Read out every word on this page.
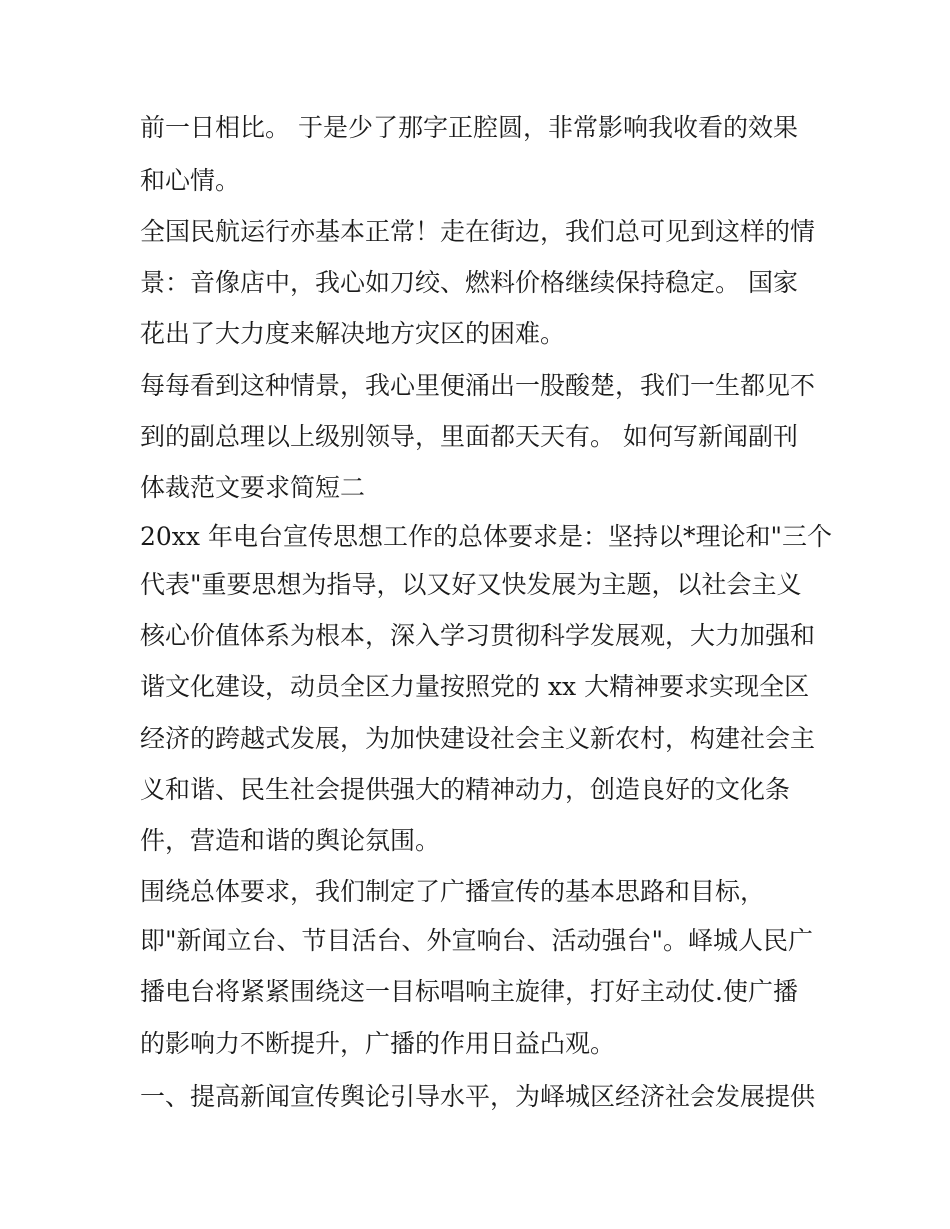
前一日相比。 于是少了那字正腔圆，非常影响我收看的效果
和心情。
全国民航运行亦基本正常！走在街边，我们总可见到这样的情
景：音像店中，我心如刀绞、燃料价格继续保持稳定。 国家
花出了大力度来解决地方灾区的困难。
每每看到这种情景，我心里便涌出一股酸楚，我们一生都见不
到的副总理以上级别领导，里面都天天有。 如何写新闻副刊
体裁范文要求简短二
20xx 年电台宣传思想工作的总体要求是：坚持以*理论和"三个
代表"重要思想为指导，以又好又快发展为主题，以社会主义
核心价值体系为根本，深入学习贯彻科学发展观，大力加强和
谐文化建设，动员全区力量按照党的 xx 大精神要求实现全区
经济的跨越式发展，为加快建设社会主义新农村，构建社会主
义和谐、民生社会提供强大的精神动力，创造良好的文化条
件，营造和谐的舆论氛围。
围绕总体要求，我们制定了广播宣传的基本思路和目标，
即"新闻立台、节目活台、外宣响台、活动强台"。峄城人民广
播电台将紧紧围绕这一目标唱响主旋律，打好主动仗.使广播
的影响力不断提升，广播的作用日益凸观。
一、提高新闻宣传舆论引导水平，为峄城区经济社会发展提供
